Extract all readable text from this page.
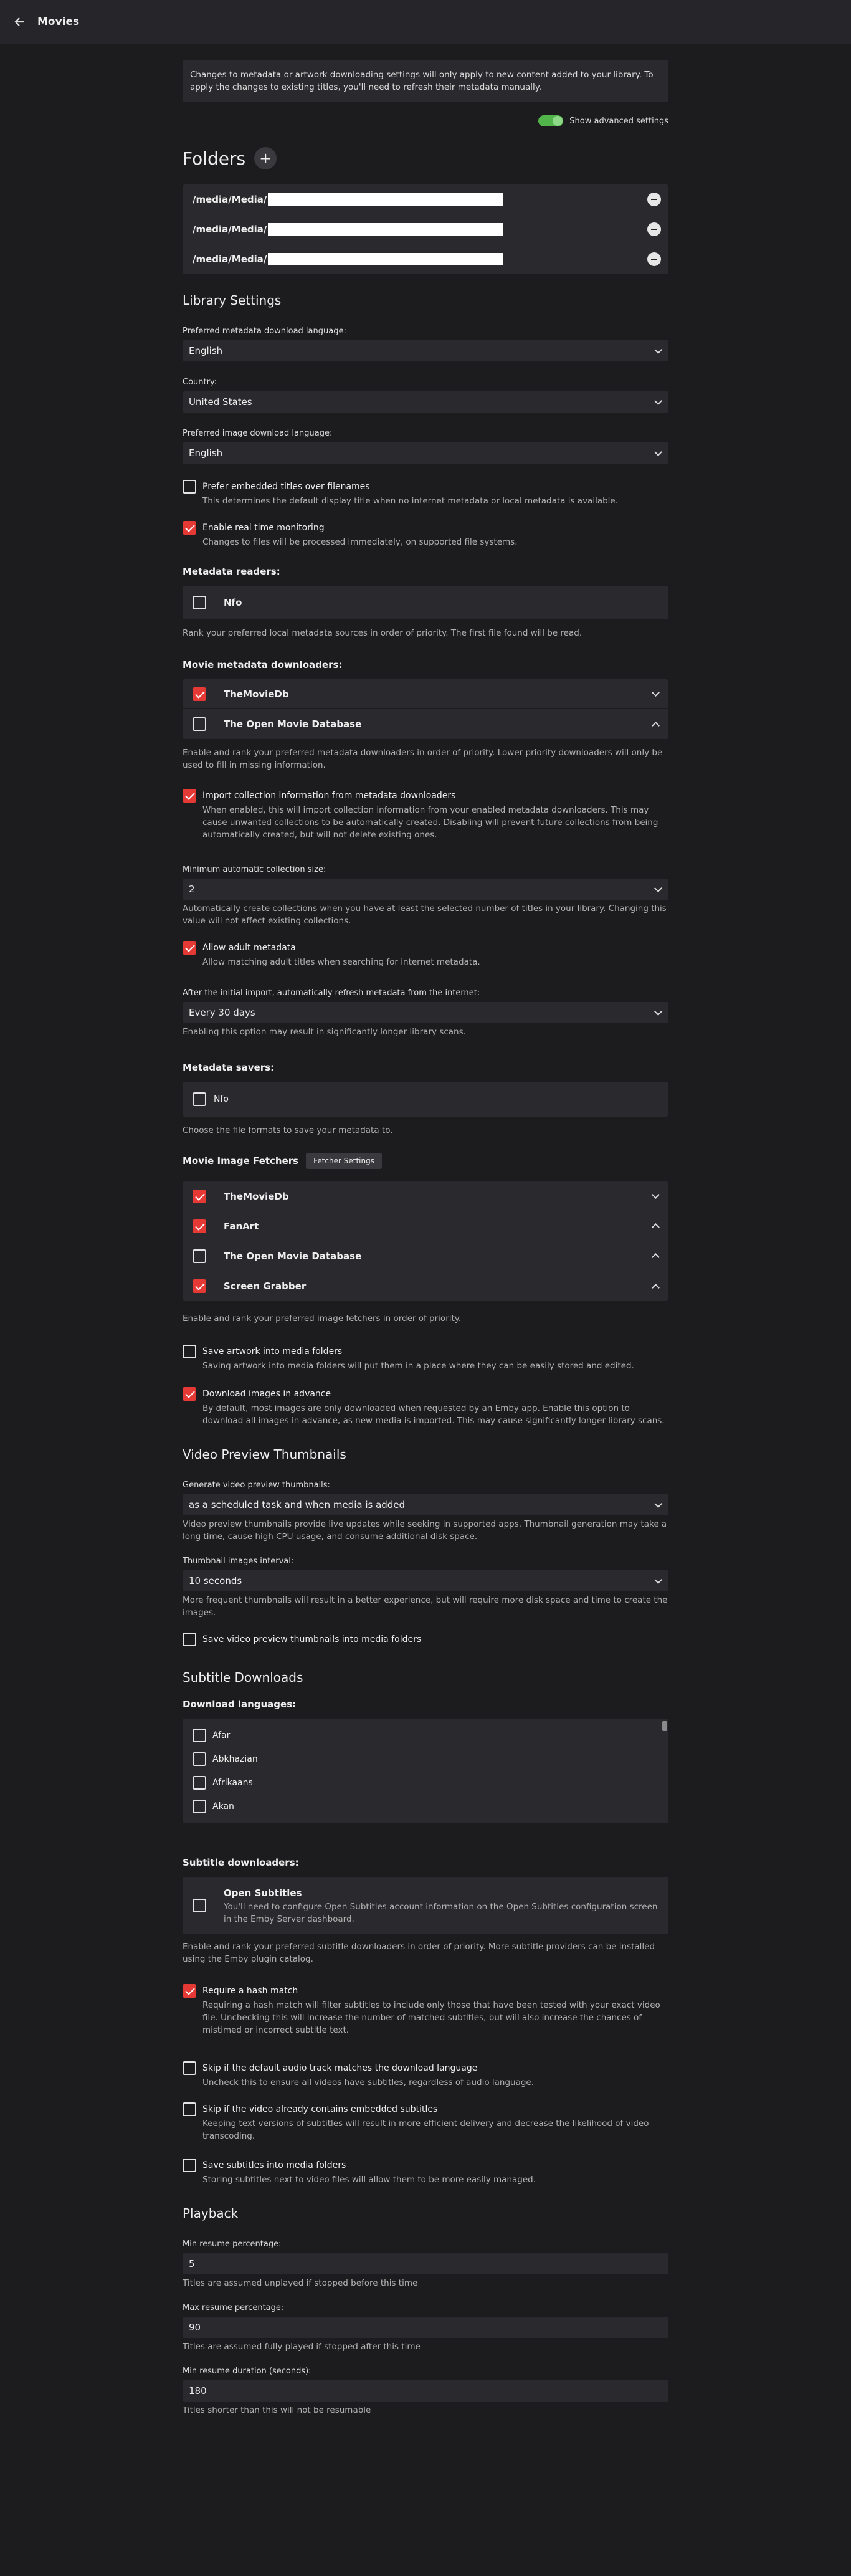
Movies
Changes to metadata or artwork downloading settings will only apply to new content added to your library. To apply the changes to existing titles, you'll need to refresh their metadata manually.
Show advanced settings
Folders +
/media/Media/
/media/Media/
/media/Media/
Library Settings
Preferred metadata download language:
English
Country:
United States
Preferred image download language:
English
Prefer embedded titles over filenames
This determines the default display title when no internet metadata or local metadata is available.
Enable real time monitoring
Changes to files will be processed immediately, on supported file systems.
Metadata readers:
Nfo
Rank your preferred local metadata sources in order of priority. The first file found will be read.
Movie metadata downloaders:
TheMovieDb
The Open Movie Database
Enable and rank your preferred metadata downloaders in order of priority. Lower priority downloaders will only be used to fill in missing information.
Import collection information from metadata downloaders
When enabled, this will import collection information from your enabled metadata downloaders. This may cause unwanted collections to be automatically created. Disabling will prevent future collections from being automatically created, but will not delete existing ones.
Minimum automatic collection size:
2
Automatically create collections when you have at least the selected number of titles in your library. Changing this value will not affect existing collections.
Allow adult metadata
Allow matching adult titles when searching for internet metadata.
After the initial import, automatically refresh metadata from the internet:
Every 30 days
Enabling this option may result in significantly longer library scans.
Metadata savers:
Nfo
Choose the file formats to save your metadata to.
Movie Image Fetchers	Fetcher Settings
TheMovieDb
FanArt
The Open Movie Database
Screen Grabber
Enable and rank your preferred image fetchers in order of priority.
Save artwork into media folders
Saving artwork into media folders will put them in a place where they can be easily stored and edited.
Download images in advance
By default, most images are only downloaded when requested by an Emby app. Enable this option to download all images in advance, as new media is imported. This may cause significantly longer library scans.
Video Preview Thumbnails
Generate video preview thumbnails:
as a scheduled task and when media is added
Video preview thumbnails provide live updates while seeking in supported apps. Thumbnail generation may take a long time, cause high CPU usage, and consume additional disk space.
Thumbnail images interval:
10 seconds
More frequent thumbnails will result in a better experience, but will require more disk space and time to create the images.
Save video preview thumbnails into media folders
Subtitle Downloads
Download languages:
Afar
Abkhazian
Afrikaans
Akan
Subtitle downloaders:
Open Subtitles
You'll need to configure Open Subtitles account information on the Open Subtitles configuration screen in the Emby Server dashboard.
Enable and rank your preferred subtitle downloaders in order of priority. More subtitle providers can be installed using the Emby plugin catalog.
Require a hash match
Requiring a hash match will filter subtitles to include only those that have been tested with your exact video file. Unchecking this will increase the number of matched subtitles, but will also increase the chances of mistimed or incorrect subtitle text.
Skip if the default audio track matches the download language
Uncheck this to ensure all videos have subtitles, regardless of audio language.
Skip if the video already contains embedded subtitles
Keeping text versions of subtitles will result in more efficient delivery and decrease the likelihood of video transcoding.
Save subtitles into media folders
Storing subtitles next to video files will allow them to be more easily managed.
Playback
Min resume percentage:
5
Titles are assumed unplayed if stopped before this time
Max resume percentage:
90
Titles are assumed fully played if stopped after this time
Min resume duration (seconds):
180
Titles shorter than this will not be resumable
